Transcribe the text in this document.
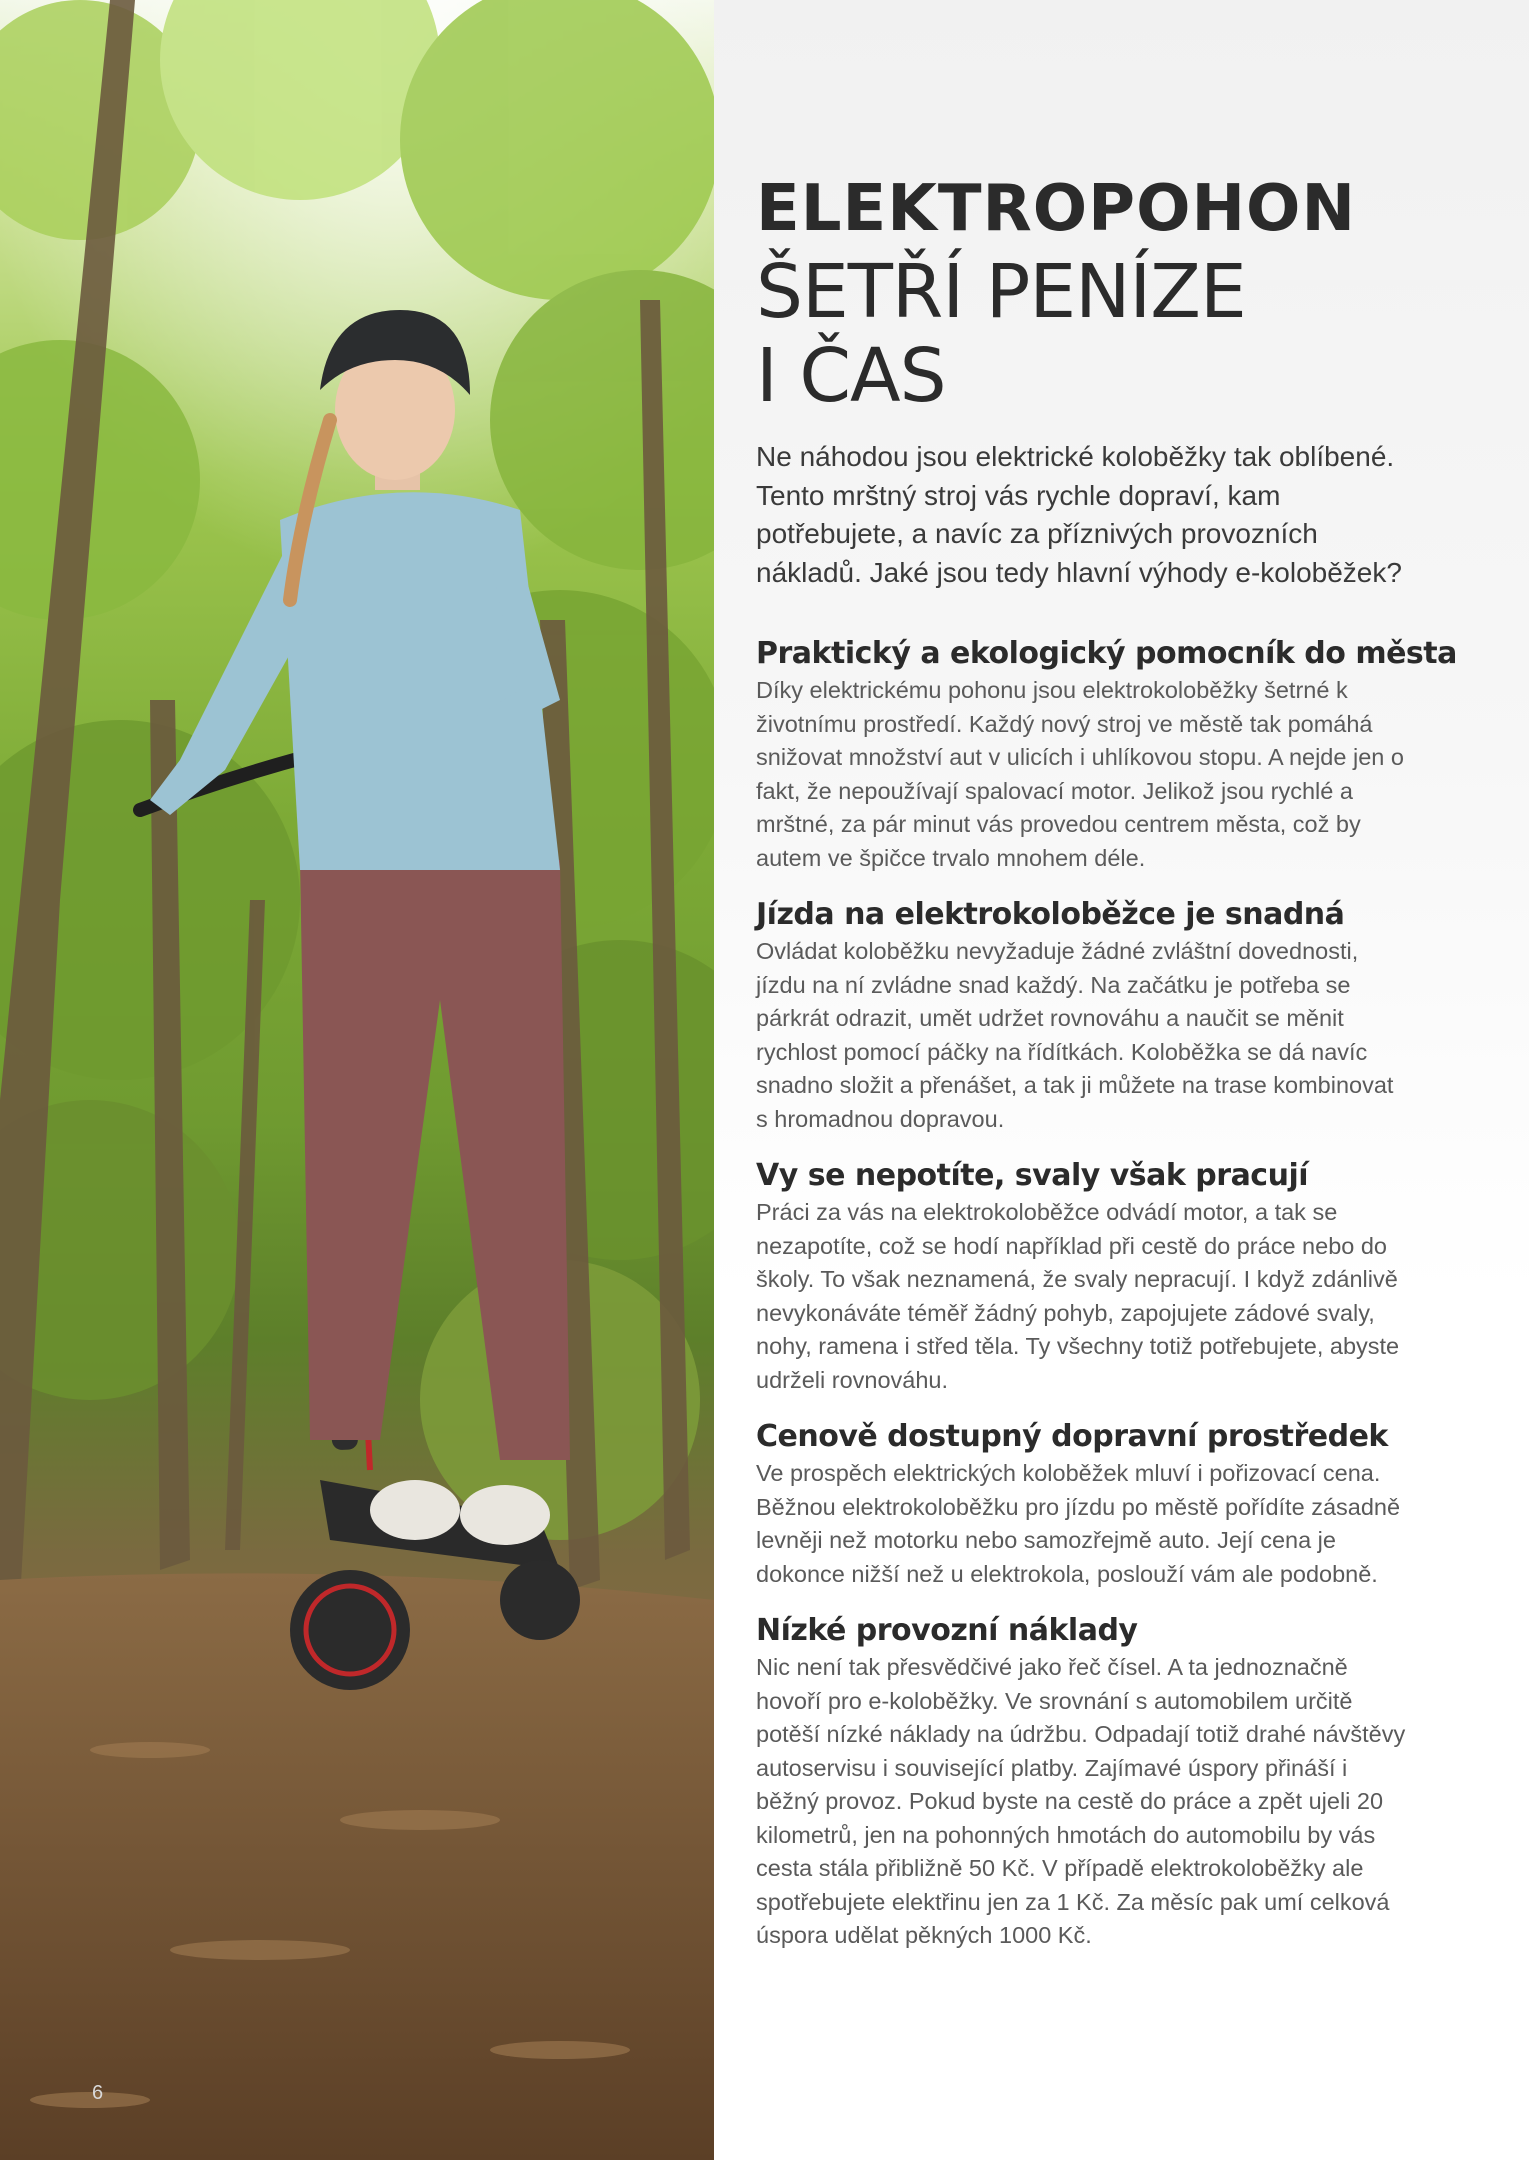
6
ELEKTROPOHON
ŠETŘÍ PENÍZE
I ČAS

Ne náhodou jsou elektrické koloběžky tak oblíbené. Tento mrštný stroj vás rychle dopraví, kam potřebujete, a navíc za příznivých provozních nákladů. Jaké jsou tedy hlavní výhody e-koloběžek?

Praktický a ekologický pomocník do města

Díky elektrickému pohonu jsou elektrokoloběžky šetrné k životnímu prostředí. Každý nový stroj ve městě tak pomáhá snižovat množství aut v ulicích i uhlíkovou stopu. A nejde jen o fakt, že nepoužívají spalovací motor. Jelikož jsou rychlé a mrštné, za pár minut vás provedou centrem města, což by autem ve špičce trvalo mnohem déle.

Jízda na elektrokoloběžce je snadná

Ovládat koloběžku nevyžaduje žádné zvláštní dovednosti, jízdu na ní zvládne snad každý. Na začátku je potřeba se párkrát odrazit, umět udržet rovnováhu a naučit se měnit rychlost pomocí páčky na řídítkách. Koloběžka se dá navíc snadno složit a přenášet, a tak ji můžete na trase kombinovat s hromadnou dopravou.

Vy se nepotíte, svaly však pracují

Práci za vás na elektrokoloběžce odvádí motor, a tak se nezapotíte, což se hodí například při cestě do práce nebo do školy. To však neznamená, že svaly nepracují. I když zdánlivě nevykonáváte téměř žádný pohyb, zapojujete zádové svaly, nohy, ramena i střed těla. Ty všechny totiž potřebujete, abyste udrželi rovnováhu.

Cenově dostupný dopravní prostředek

Ve prospěch elektrických koloběžek mluví i pořizovací cena. Běžnou elektrokoloběžku pro jízdu po městě pořídíte zásadně levněji než motorku nebo samozřejmě auto. Její cena je dokonce nižší než u elektrokola, poslouží vám ale podobně.

Nízké provozní náklady

Nic není tak přesvědčivé jako řeč čísel. A ta jednoznačně hovoří pro e-koloběžky. Ve srovnání s automobilem určitě potěší nízké náklady na údržbu. Odpadají totiž drahé návštěvy autoservisu i související platby. Zajímavé úspory přináší i běžný provoz. Pokud byste na cestě do práce a zpět ujeli 20 kilometrů, jen na pohonných hmotách do automobilu by vás cesta stála přibližně 50 Kč. V případě elektrokoloběžky ale spotřebujete elektřinu jen za 1 Kč. Za měsíc pak umí celková úspora udělat pěkných 1000 Kč.
